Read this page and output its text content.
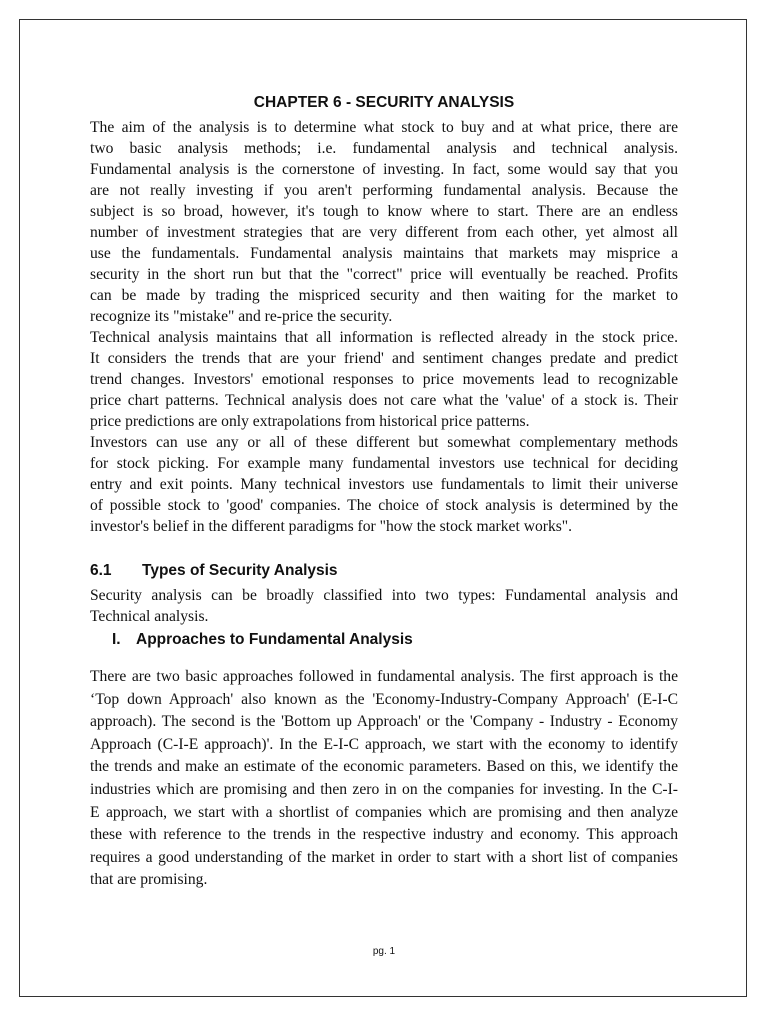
CHAPTER 6 - SECURITY ANALYSIS
The aim of the analysis is to determine what stock to buy and at what price, there are
two basic analysis methods; i.e. fundamental analysis and technical analysis.
Fundamental analysis is the cornerstone of investing. In fact, some would say that you
are not really investing if you aren't performing fundamental analysis. Because the
subject is so broad, however, it's tough to know where to start. There are an endless
number of investment strategies that are very different from each other, yet almost all
use the fundamentals. Fundamental analysis maintains that markets may misprice a
security in the short run but that the "correct" price will eventually be reached. Profits
can be made by trading the mispriced security and then waiting for the market to
recognize its "mistake" and re-price the security.
Technical analysis maintains that all information is reflected already in the stock price.
It considers the trends that are your friend' and sentiment changes predate and predict
trend changes. Investors' emotional responses to price movements lead to recognizable
price chart patterns. Technical analysis does not care what the 'value' of a stock is. Their
price predictions are only extrapolations from historical price patterns.
Investors can use any or all of these different but somewhat complementary methods
for stock picking. For example many fundamental investors use technical for deciding
entry and exit points. Many technical investors use fundamentals to limit their universe
of possible stock to 'good' companies. The choice of stock analysis is determined by the
investor's belief in the different paradigms for "how the stock market works".
6.1 Types of Security Analysis
Security analysis can be broadly classified into two types: Fundamental analysis and
Technical analysis.
I. Approaches to Fundamental Analysis
There are two basic approaches followed in fundamental analysis. The first approach is the
‘Top down Approach' also known as the 'Economy-Industry-Company Approach' (E-I-C
approach). The second is the 'Bottom up Approach' or the 'Company - Industry - Economy
Approach (C-I-E approach)'. In the E-I-C approach, we start with the economy to identify
the trends and make an estimate of the economic parameters. Based on this, we identify the
industries which are promising and then zero in on the companies for investing. In the C-I-
E approach, we start with a shortlist of companies which are promising and then analyze
these with reference to the trends in the respective industry and economy. This approach
requires a good understanding of the market in order to start with a short list of companies
that are promising.
pg. 1
